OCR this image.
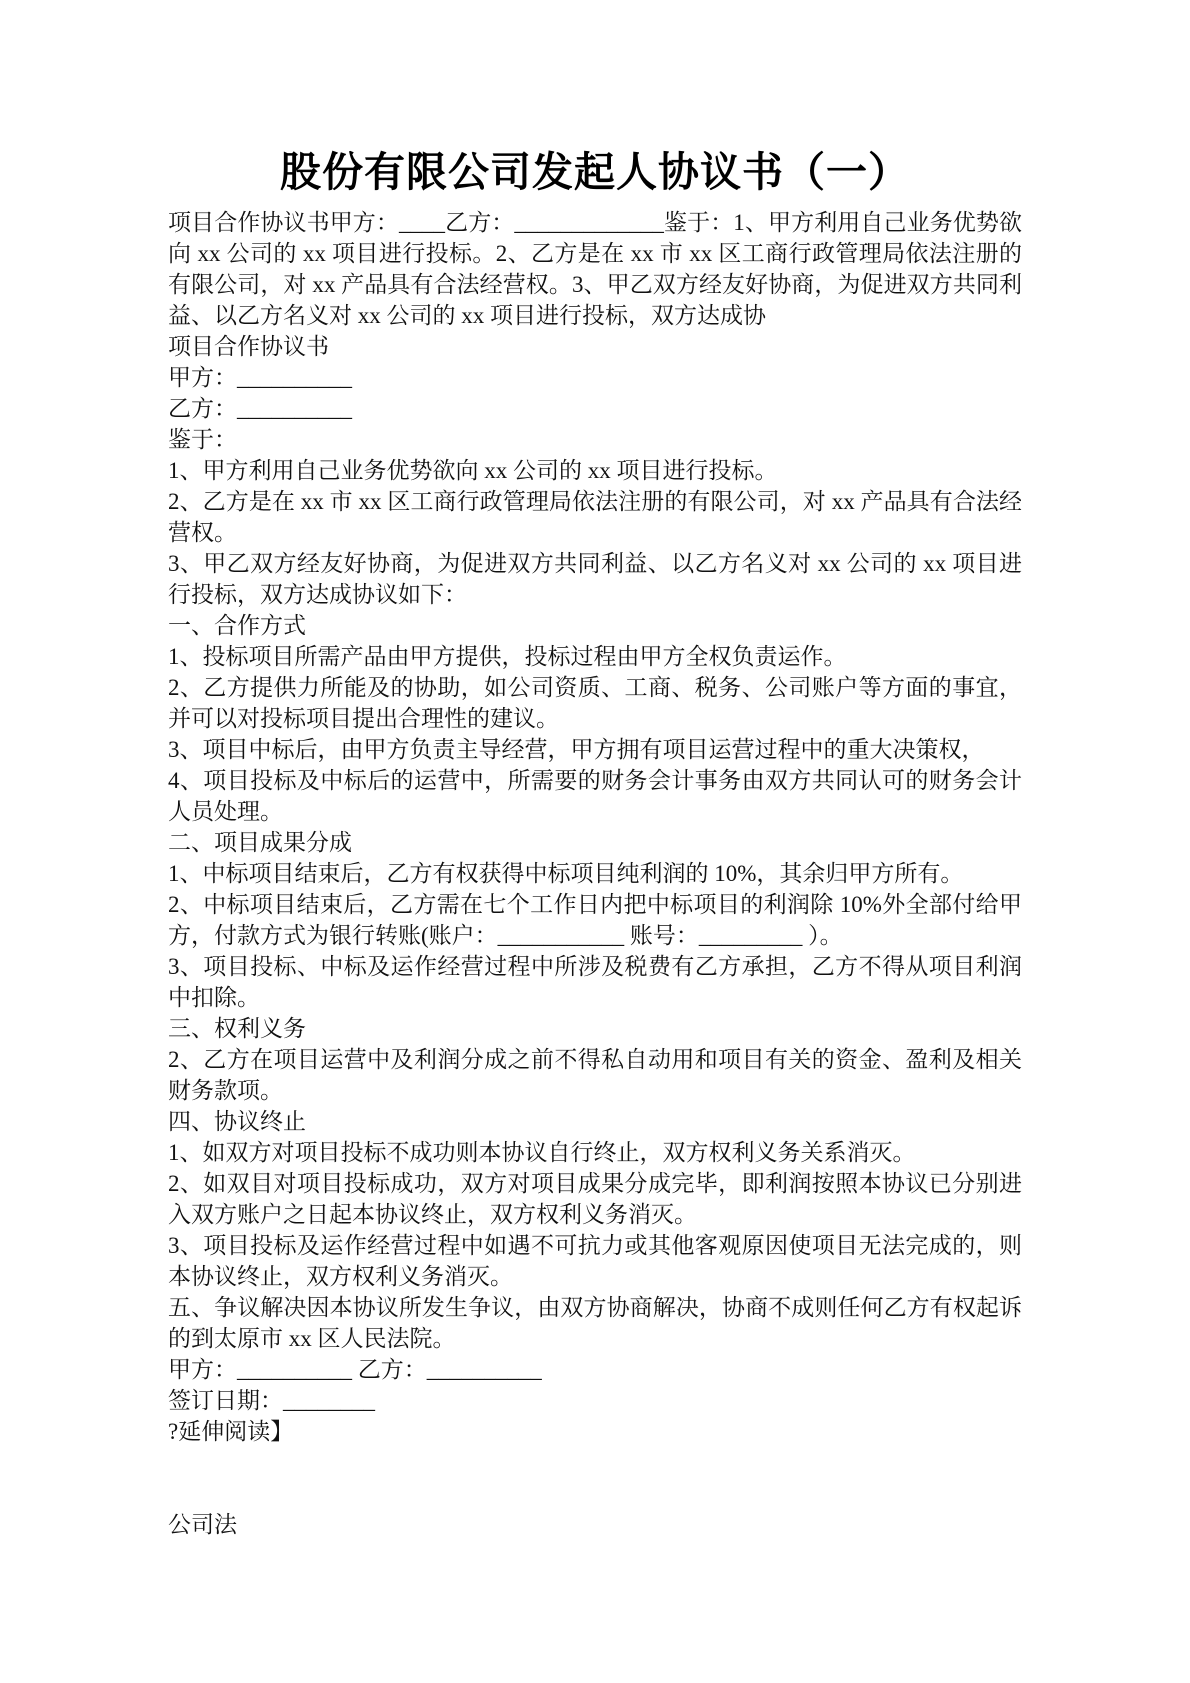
股份有限公司发起人协议书（一）

项目合作协议书甲方：____乙方：_____________鉴于：1、甲方利用自己业务优势欲向 xx 公司的 xx 项目进行投标。2、乙方是在 xx 市 xx 区工商行政管理局依法注册的有限公司，对 xx 产品具有合法经营权。3、甲乙双方经友好协商，为促进双方共同利益、以乙方名义对 xx 公司的 xx 项目进行投标，双方达成协

项目合作协议书

甲方：__________

乙方：__________

鉴于：

1、甲方利用自己业务优势欲向 xx 公司的 xx 项目进行投标。

2、乙方是在 xx 市 xx 区工商行政管理局依法注册的有限公司，对 xx 产品具有合法经营权。

3、甲乙双方经友好协商，为促进双方共同利益、以乙方名义对 xx 公司的 xx 项目进行投标，双方达成协议如下：

一、合作方式

1、投标项目所需产品由甲方提供，投标过程由甲方全权负责运作。

2、乙方提供力所能及的协助，如公司资质、工商、税务、公司账户等方面的事宜，并可以对投标项目提出合理性的建议。

3、项目中标后，由甲方负责主导经营，甲方拥有项目运营过程中的重大决策权，

4、项目投标及中标后的运营中，所需要的财务会计事务由双方共同认可的财务会计人员处理。

二、项目成果分成

1、中标项目结束后，乙方有权获得中标项目纯利润的 10%，其余归甲方所有。

2、中标项目结束后，乙方需在七个工作日内把中标项目的利润除 10%外全部付给甲方，付款方式为银行转账(账户：___________ 账号：_________ ）。

3、项目投标、中标及运作经营过程中所涉及税费有乙方承担，乙方不得从项目利润中扣除。

三、权利义务

2、乙方在项目运营中及利润分成之前不得私自动用和项目有关的资金、盈利及相关财务款项。

四、协议终止

1、如双方对项目投标不成功则本协议自行终止，双方权利义务关系消灭。

2、如双目对项目投标成功，双方对项目成果分成完毕，即利润按照本协议已分别进入双方账户之日起本协议终止，双方权利义务消灭。

3、项目投标及运作经营过程中如遇不可抗力或其他客观原因使项目无法完成的，则本协议终止，双方权利义务消灭。

五、争议解决因本协议所发生争议，由双方协商解决，协商不成则任何乙方有权起诉的到太原市 xx 区人民法院。

甲方：__________ 乙方：__________

签订日期：________

?延伸阅读】

公司法
